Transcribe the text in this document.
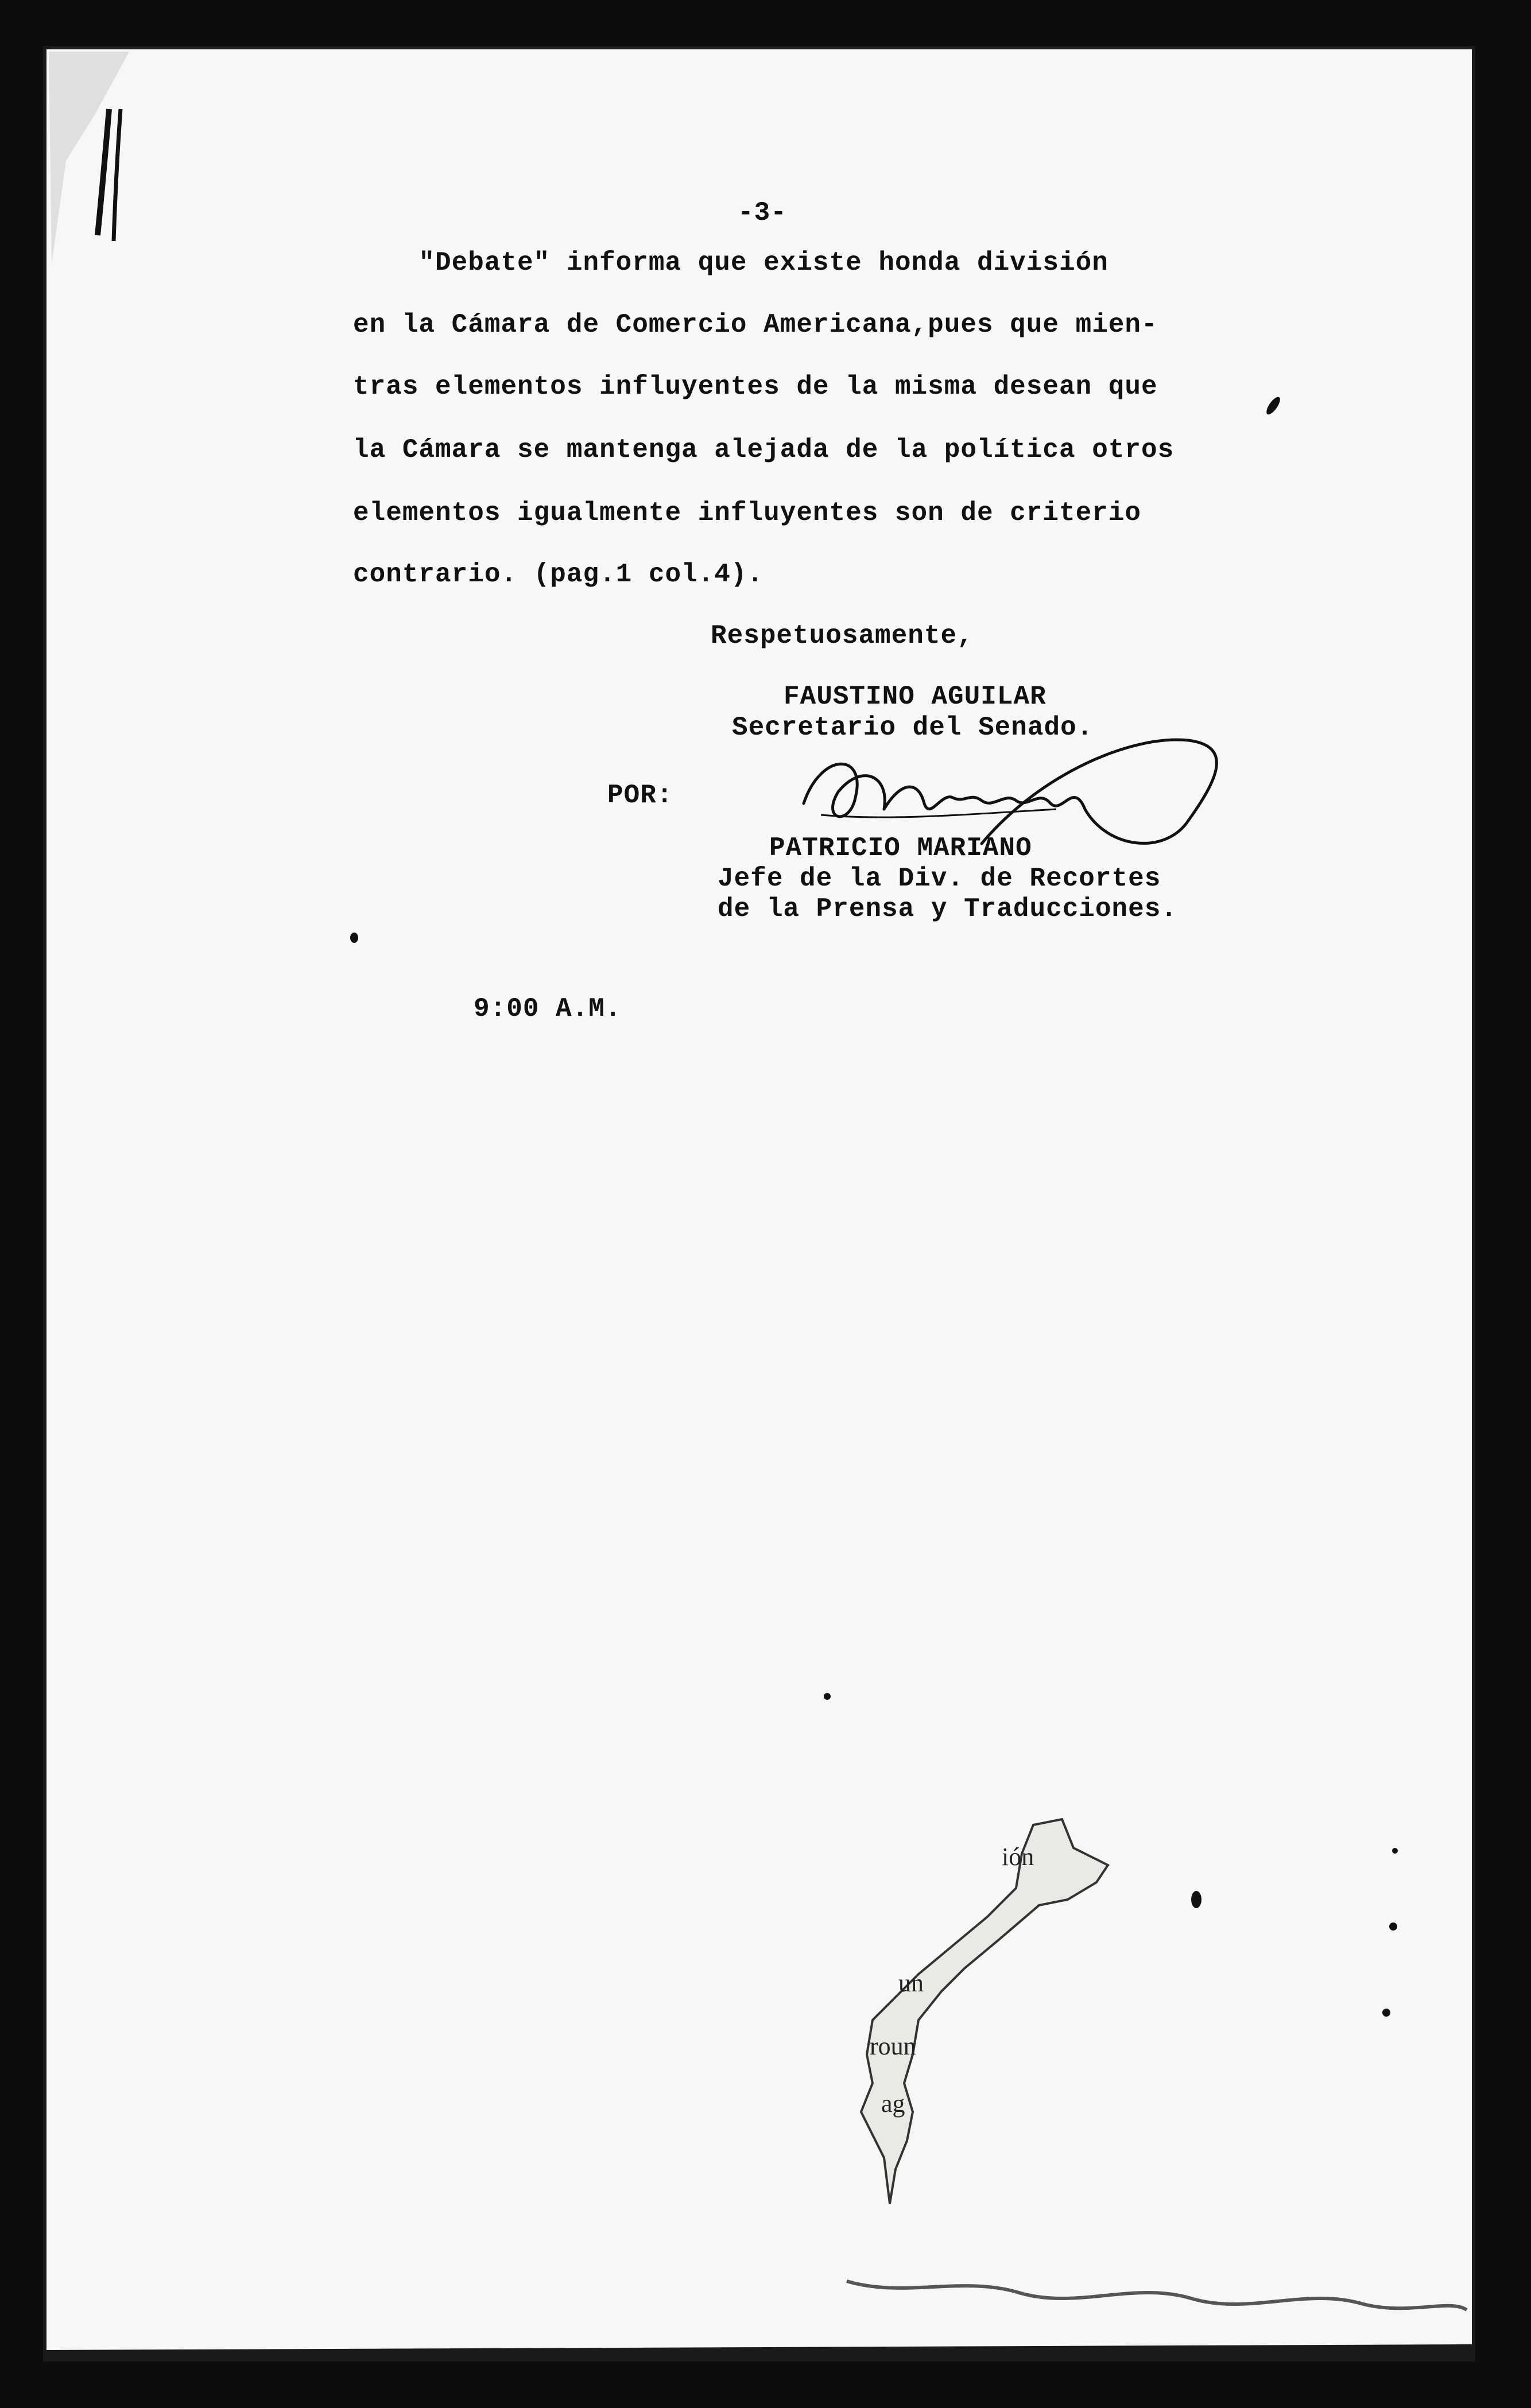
-3-
"Debate" informa que existe honda división
en la Cámara de Comercio Americana,pues que mien-
tras elementos influyentes de la misma desean que
la Cámara se mantenga alejada de la política otros
elementos igualmente influyentes son de criterio
contrario. (pag.1 col.4).
Respetuosamente,
FAUSTINO AGUILAR
Secretario del Senado.
POR:
PATRICIO MARIANO
Jefe de la Div. de Recortes
de la Prensa y Traducciones.
9:00 A.M.
ión
un
roun
ag
